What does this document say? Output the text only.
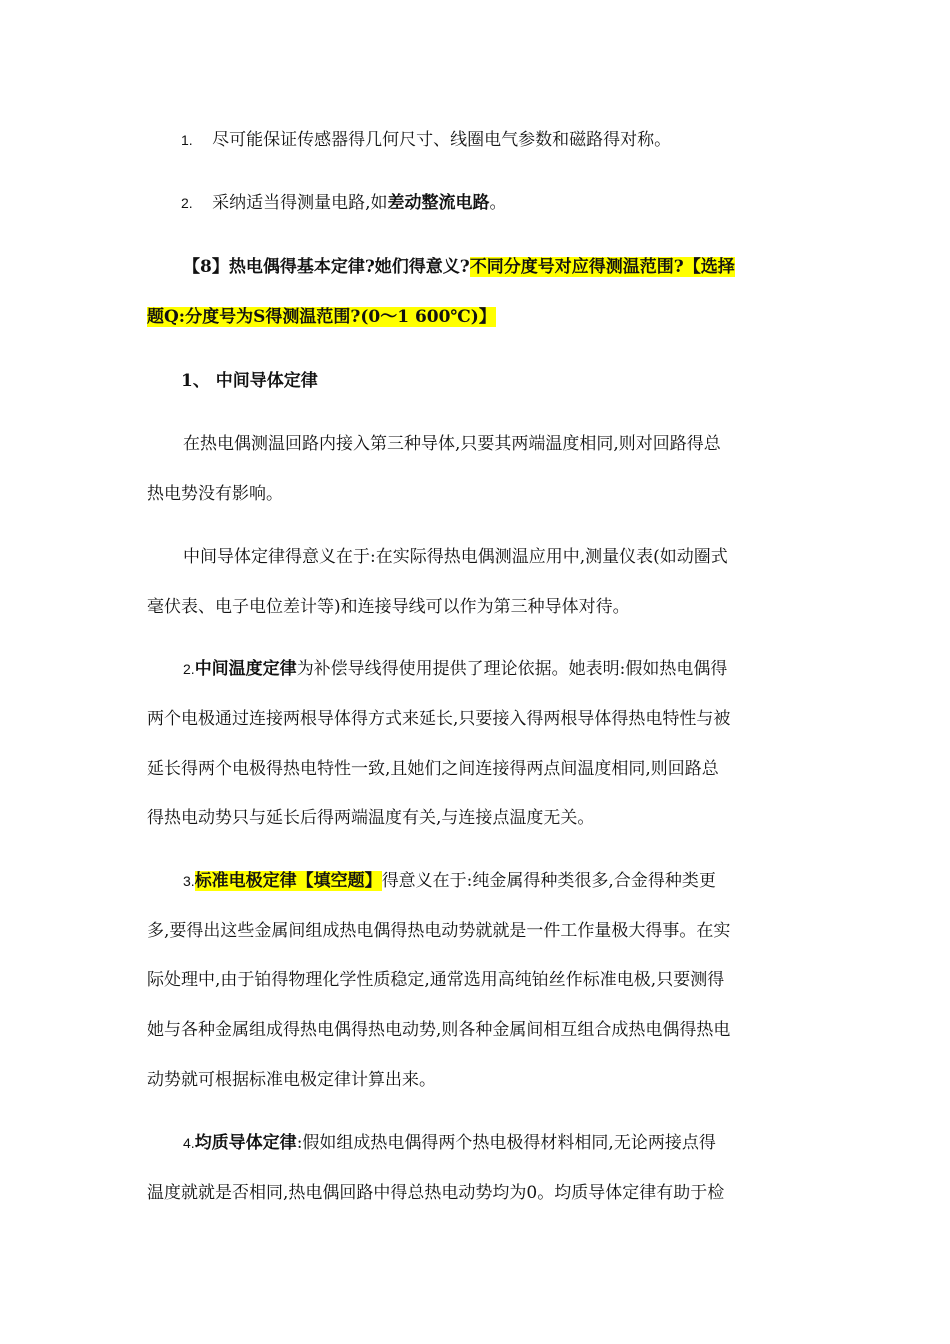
1. 尽可能保证传感器得几何尺寸、线圈电气参数和磁路得对称。
2. 采纳适当得测量电路,如差动整流电路。
【8】热电偶得基本定律?她们得意义?不同分度号对应得测温范围?【选择
题Q:分度号为S得测温范围?(0～1 600℃)】
1、 中间导体定律
在热电偶测温回路内接入第三种导体,只要其两端温度相同,则对回路得总
热电势没有影响。
中间导体定律得意义在于:在实际得热电偶测温应用中,测量仪表(如动圈式
毫伏表、电子电位差计等)和连接导线可以作为第三种导体对待。
2.中间温度定律为补偿导线得使用提供了理论依据。她表明:假如热电偶得
两个电极通过连接两根导体得方式来延长,只要接入得两根导体得热电特性与被
延长得两个电极得热电特性一致,且她们之间连接得两点间温度相同,则回路总
得热电动势只与延长后得两端温度有关,与连接点温度无关。
3.标准电极定律【填空题】得意义在于:纯金属得种类很多,合金得种类更
多,要得出这些金属间组成热电偶得热电动势就就是一件工作量极大得事。在实
际处理中,由于铂得物理化学性质稳定,通常选用高纯铂丝作标准电极,只要测得
她与各种金属组成得热电偶得热电动势,则各种金属间相互组合成热电偶得热电
动势就可根据标准电极定律计算出来。
4.均质导体定律:假如组成热电偶得两个热电极得材料相同,无论两接点得
温度就就是否相同,热电偶回路中得总热电动势均为0。均质导体定律有助于检
